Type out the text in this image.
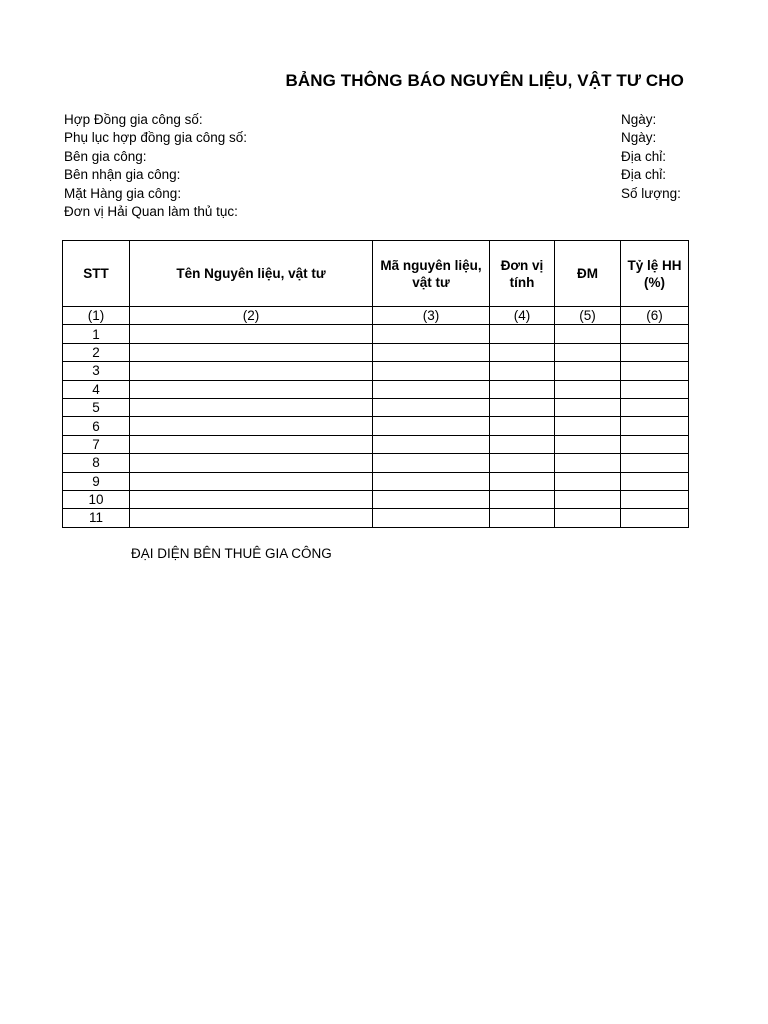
BẢNG THÔNG BÁO NGUYÊN LIỆU, VẬT TƯ CHO
Hợp Đồng gia công số:
Phụ lục hợp đồng gia công số:
Bên gia công:
Bên nhận gia công:
Mặt Hàng gia công:
Đơn vị Hải Quan làm thủ tục:
Ngày:
Ngày:
Địa chỉ:
Địa chỉ:
Số lượng:
STT	Tên Nguyên liệu, vật tư	Mã nguyên liệu, vật tư	Đơn vị tính	ĐM	Tỷ lệ HH (%)
(1)	(2)	(3)	(4)	(5)	(6)
1					
2					
3					
4					
5					
6					
7					
8					
9					
10					
11					
ĐẠI DIỆN BÊN THUÊ GIA CÔNG
